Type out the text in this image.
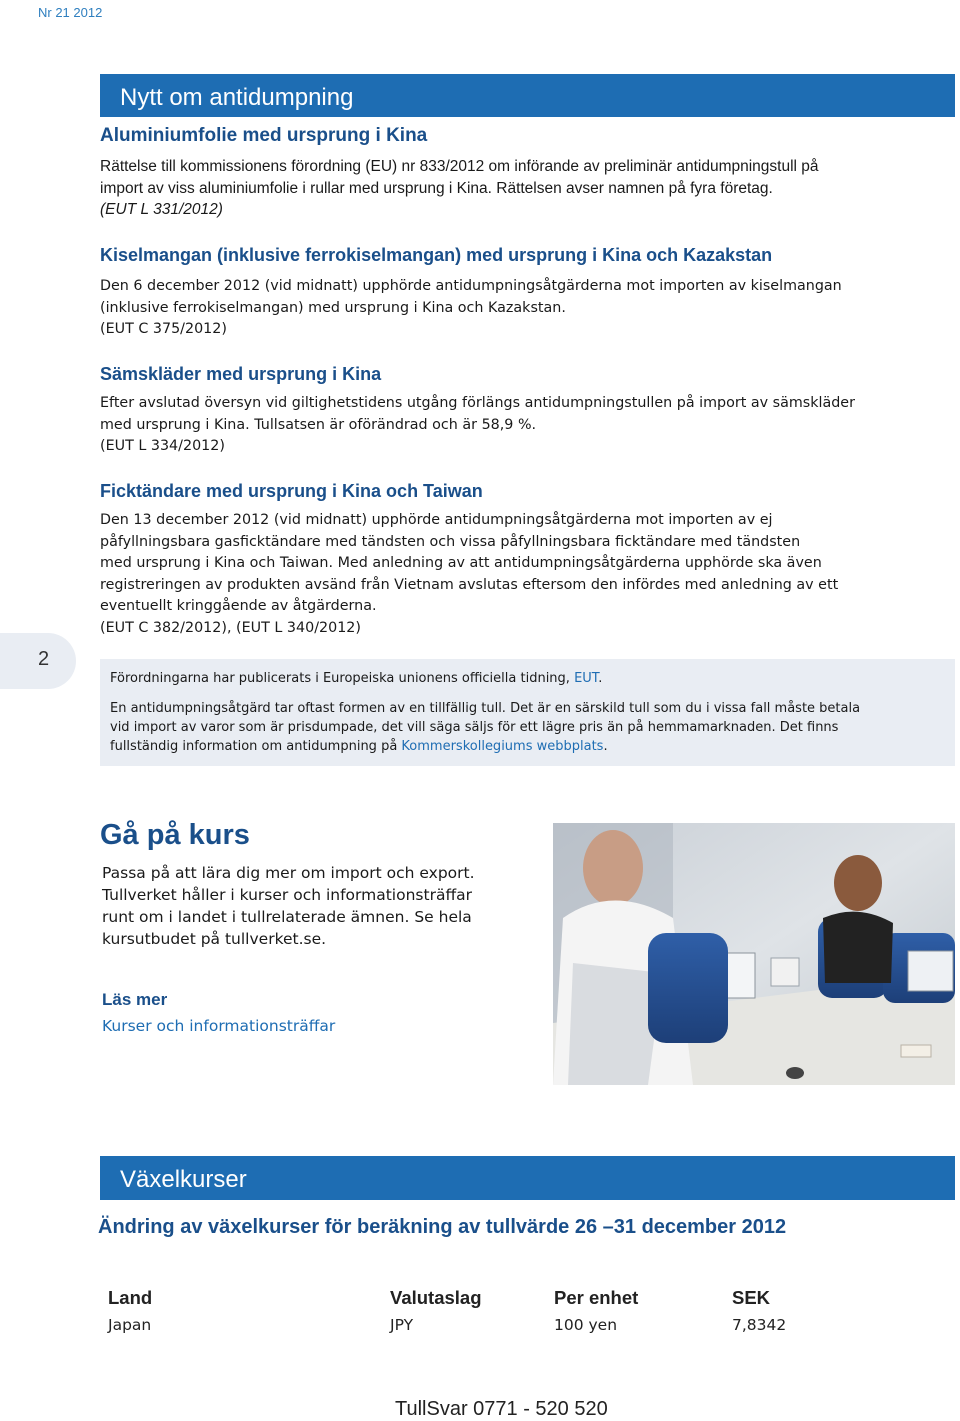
Nr 21 2012
Nytt om antidumpning
Aluminiumfolie med ursprung i Kina
Rättelse till kommissionens förordning (EU) nr 833/2012 om införande av preliminär antidumpningstull på
import av viss aluminiumfolie i rullar med ursprung i Kina. Rättelsen avser namnen på fyra företag.
(EUT L 331/2012)
Kiselmangan (inklusive ferrokiselmangan) med ursprung i Kina och Kazakstan
Den 6 december 2012 (vid midnatt) upphörde antidumpningsåtgärderna mot importen av kiselmangan
(inklusive ferrokiselmangan) med ursprung i Kina och Kazakstan.
(EUT C 375/2012)
Sämskläder med ursprung i Kina
Efter avslutad översyn vid giltighetstidens utgång förlängs antidumpningstullen på import av sämskläder
med ursprung i Kina. Tullsatsen är oförändrad och är 58,9 %.
(EUT L 334/2012)
Ficktändare med ursprung i Kina och Taiwan
Den 13 december 2012 (vid midnatt) upphörde antidumpningsåtgärderna mot importen av ej
påfyllningsbara gasficktändare med tändsten och vissa påfyllningsbara ficktändare med tändsten
med ursprung i Kina och Taiwan. Med anledning av att antidumpningsåtgärderna upphörde ska även
registreringen av produkten avsänd från Vietnam avslutas eftersom den infördes med anledning av ett
eventuellt kringgående av åtgärderna.
(EUT C 382/2012), (EUT L 340/2012)
2
Förordningarna har publicerats i Europeiska unionens officiella tidning, EUT.
En antidumpningsåtgärd tar oftast formen av en tillfällig tull. Det är en särskild tull som du i vissa fall måste betala
vid import av varor som är prisdumpade, det vill säga säljs för ett lägre pris än på hemmamarknaden. Det finns
fullständig information om antidumpning på Kommerskollegiums webbplats.
Gå på kurs
Passa på att lära dig mer om import och export.
Tullverket håller i kurser och informationsträffar
runt om i landet i tullrelaterade ämnen. Se hela
kursutbudet på tullverket.se.
Läs mer
Kurser och informationsträffar
Växelkurser
Ändring av växelkurser för beräkning av tullvärde 26 –31 december 2012
Land	Valutaslag	Per enhet	SEK
Japan	JPY	100 yen	7,8342
TullSvar 0771 - 520 520
